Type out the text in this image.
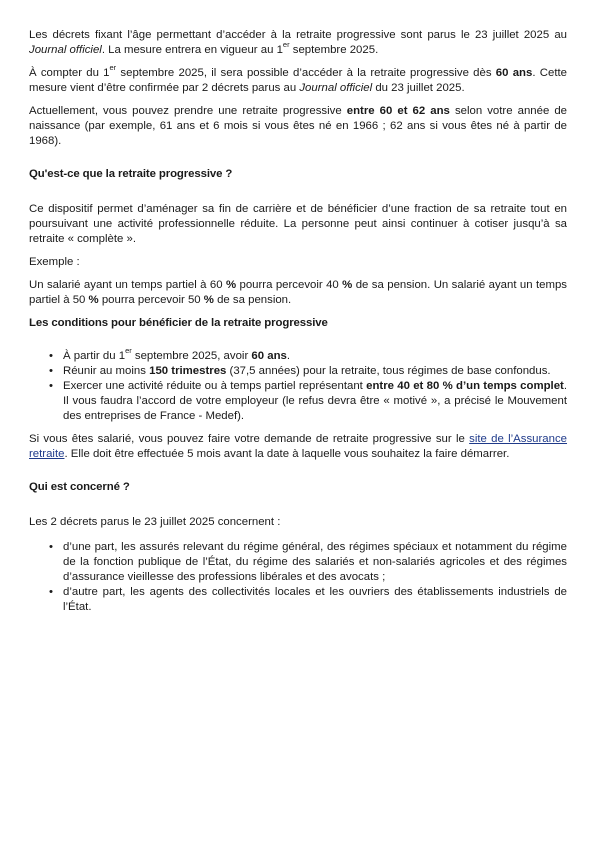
Les décrets fixant l’âge permettant d’accéder à la retraite progressive sont parus le 23 juillet 2025 au Journal officiel. La mesure entrera en vigueur au 1er septembre 2025.

À compter du 1er septembre 2025, il sera possible d’accéder à la retraite progressive dès 60 ans. Cette mesure vient d’être confirmée par 2 décrets parus au Journal officiel du 23 juillet 2025.

Actuellement, vous pouvez prendre une retraite progressive entre 60 et 62 ans selon votre année de naissance (par exemple, 61 ans et 6 mois si vous êtes né en 1966 ; 62 ans si vous êtes né à partir de 1968).

Qu'est-ce que la retraite progressive ?

Ce dispositif permet d’aménager sa fin de carrière et de bénéficier d’une fraction de sa retraite tout en poursuivant une activité professionnelle réduite. La personne peut ainsi continuer à cotiser jusqu’à sa retraite « complète ».

Exemple :

Un salarié ayant un temps partiel à 60 % pourra percevoir 40 % de sa pension. Un salarié ayant un temps partiel à 50 % pourra percevoir 50 % de sa pension.

Les conditions pour bénéficier de la retraite progressive
• À partir du 1er septembre 2025, avoir 60 ans.
• Réunir au moins 150 trimestres (37,5 années) pour la retraite, tous régimes de base confondus.
• Exercer une activité réduite ou à temps partiel représentant entre 40 et 80 % d’un temps complet. Il vous faudra l’accord de votre employeur (le refus devra être « motivé », a précisé le Mouvement des entreprises de France - Medef).

Si vous êtes salarié, vous pouvez faire votre demande de retraite progressive sur le site de l’Assurance retraite. Elle doit être effectuée 5 mois avant la date à laquelle vous souhaitez la faire démarrer.

Qui est concerné ?

Les 2 décrets parus le 23 juillet 2025 concernent :

• d’une part, les assurés relevant du régime général, des régimes spéciaux et notamment du régime de la fonction publique de l’État, du régime des salariés et non-salariés agricoles et des régimes d’assurance vieillesse des professions libérales et des avocats ;
• d’autre part, les agents des collectivités locales et les ouvriers des établissements industriels de l’État.
